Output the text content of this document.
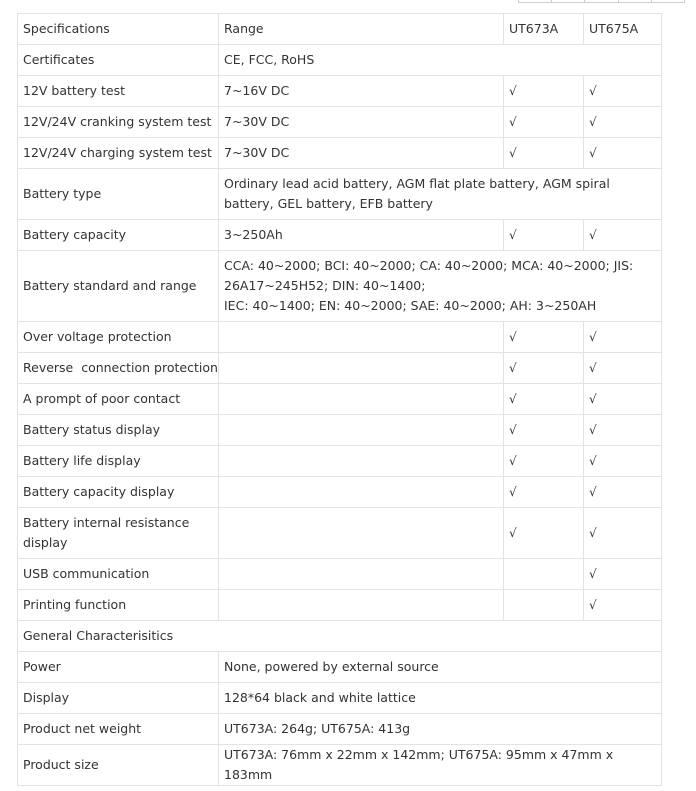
Specifications	Range	UT673A	UT675A
Certificates	CE, FCC, RoHS		
12V battery test	7~16V DC	√	√
12V/24V cranking system test	7~30V DC	√	√
12V/24V charging system test	7~30V DC	√	√
Battery type	Ordinary lead acid battery, AGM flat plate battery, AGM spiral battery, GEL battery, EFB battery		
Battery capacity	3~250Ah	√	√
Battery standard and range	CCA: 40~2000; BCI: 40~2000; CA: 40~2000; MCA: 40~2000; JIS: 26A17~245H52; DIN: 40~1400;
IEC: 40~1400; EN: 40~2000; SAE: 40~2000; AH: 3~250AH		

Over voltage protection		√	√
Reverse  connection protection		√	√
A prompt of poor contact		√	√
Battery status display		√	√
Battery life display		√	√
Battery capacity display		√	√
Battery internal resistance display		√	√
USB communication			√
Printing function			√
General Characterisitics			
Power	None, powered by external source		
Display	128*64 black and white lattice		
Product net weight	UT673A: 264g; UT675A: 413g		
Product size	UT673A: 76mm x 22mm x 142mm; UT675A: 95mm x 47mm x 183mm		
